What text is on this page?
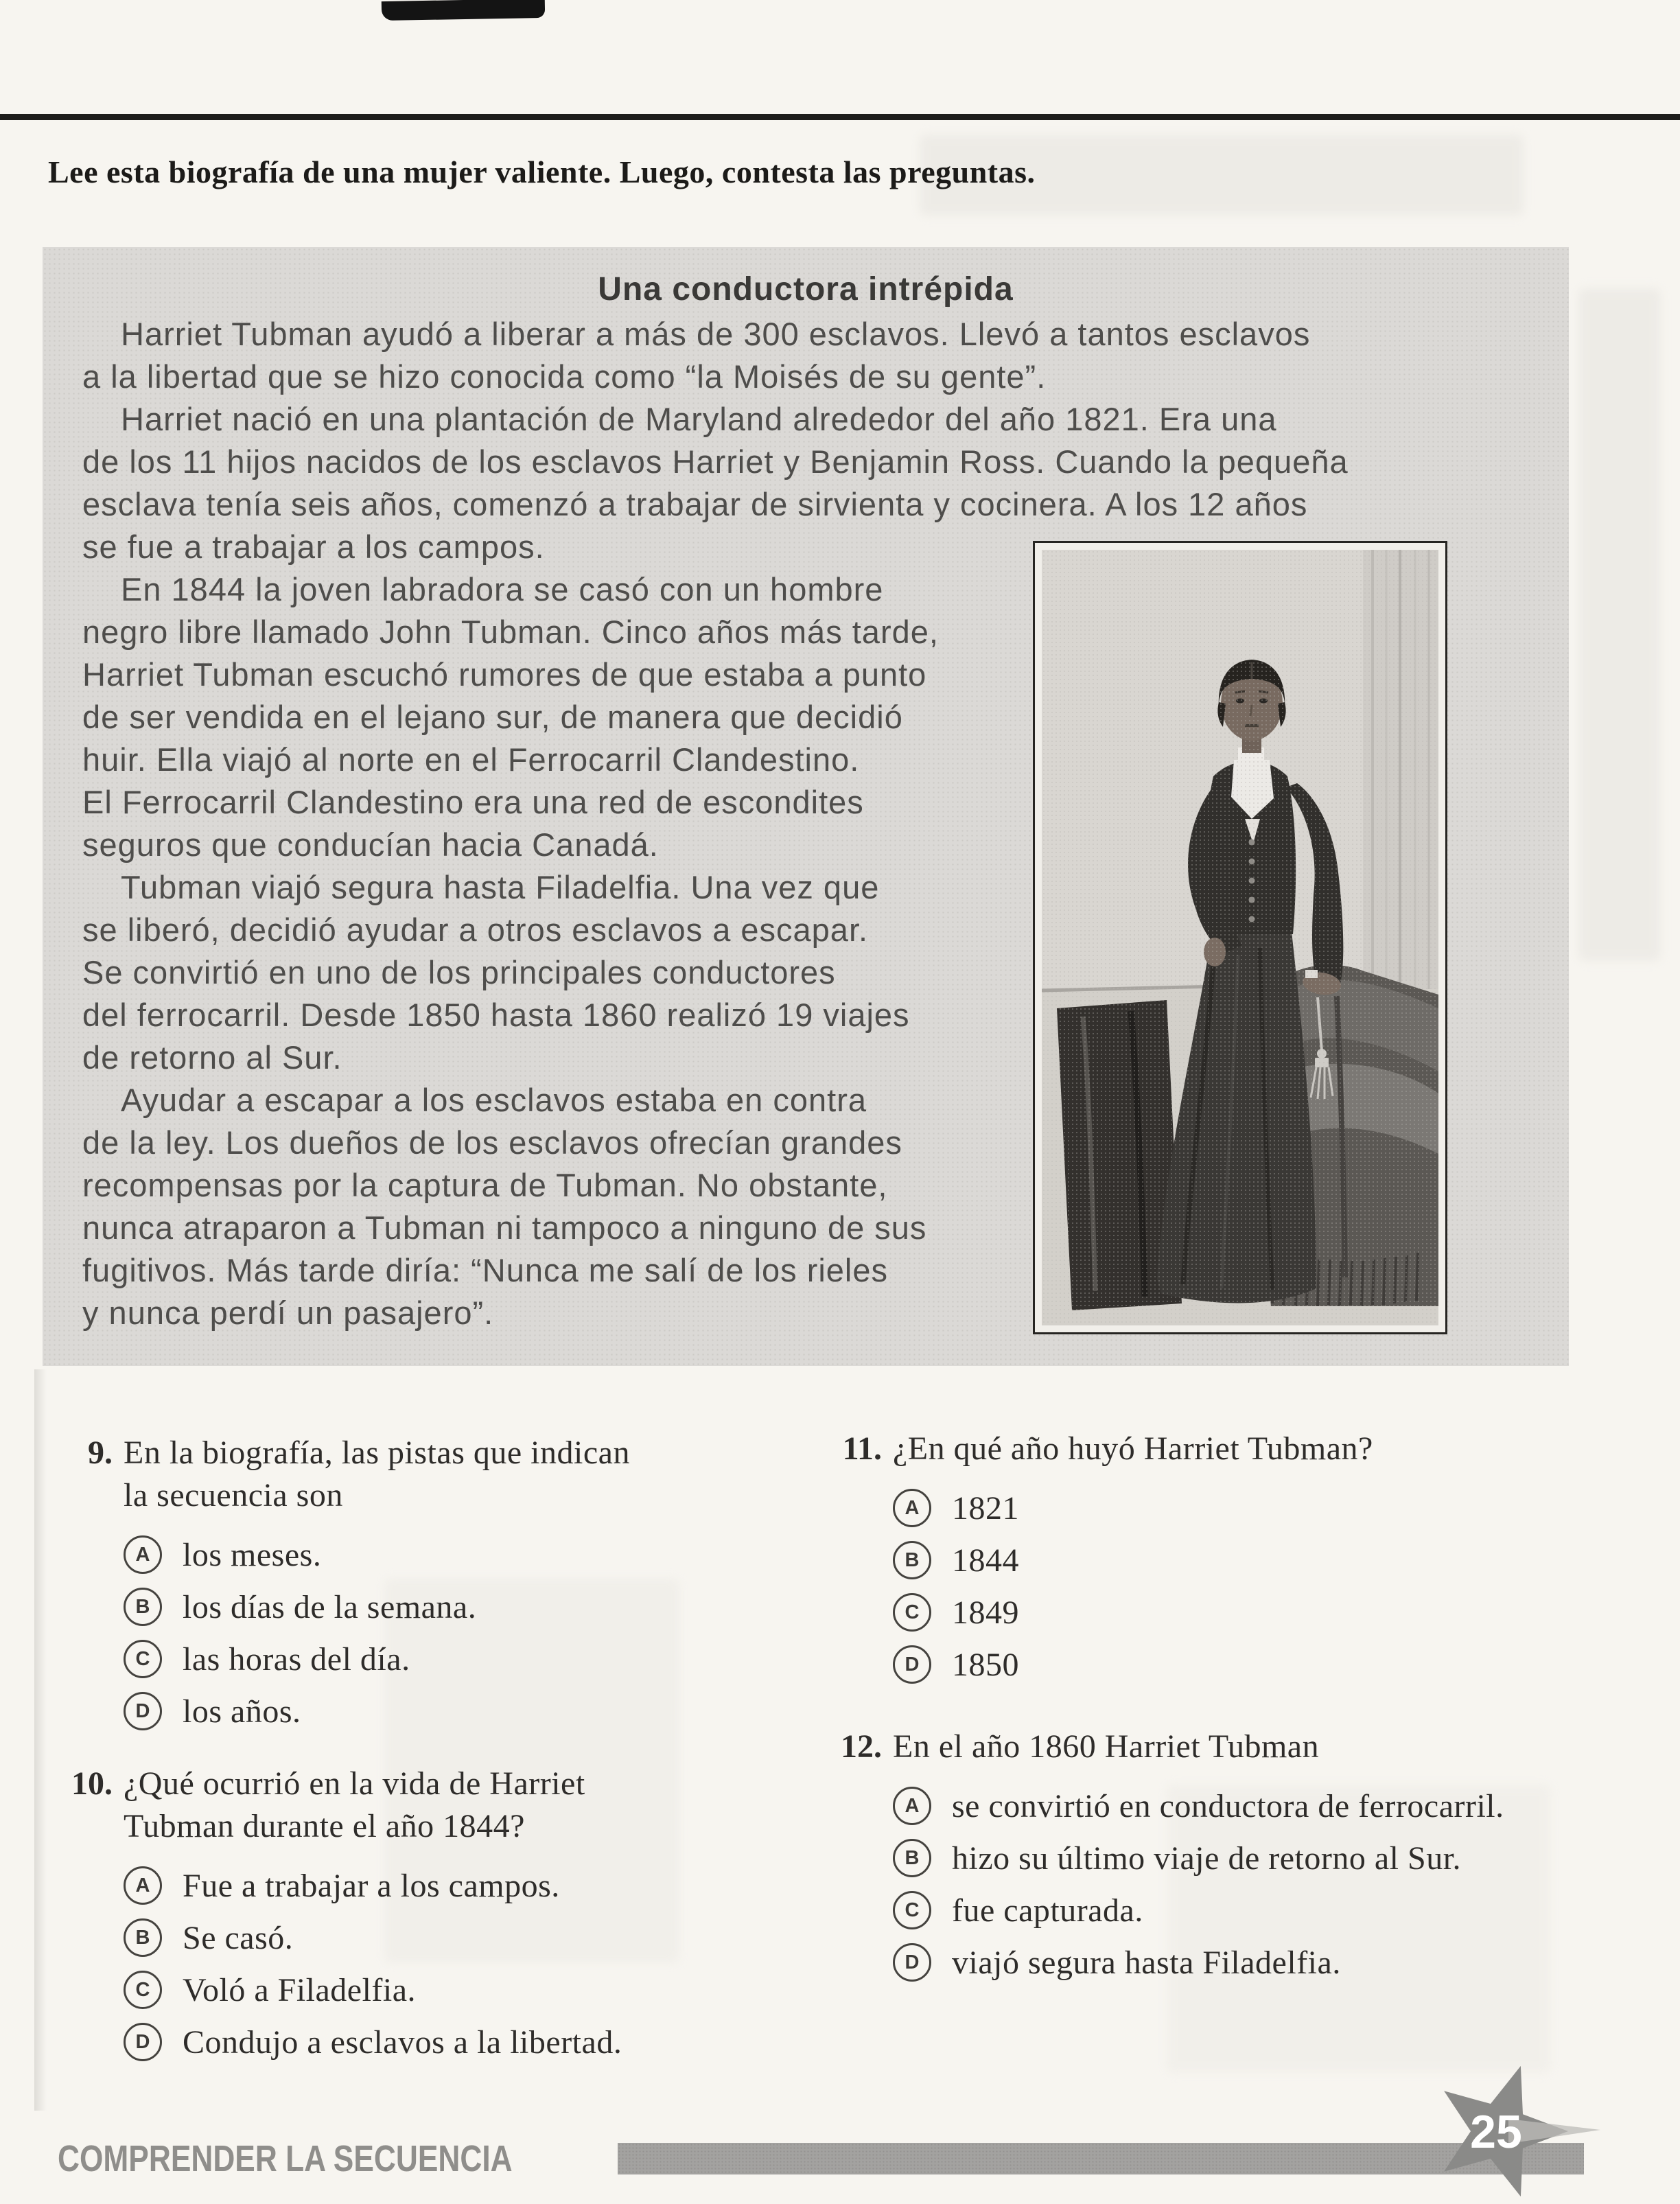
Lee esta biografía de una mujer valiente. Luego, contesta las preguntas.
Una conductora intrépida
Harriet Tubman ayudó a liberar a más de 300 esclavos. Llevó a tantos esclavos
a la libertad que se hizo conocida como “la Moisés de su gente”.
Harriet nació en una plantación de Maryland alrededor del año 1821. Era una
de los 11 hijos nacidos de los esclavos Harriet y Benjamin Ross. Cuando la pequeña
esclava tenía seis años, comenzó a trabajar de sirvienta y cocinera. A los 12 años
se fue a trabajar a los campos.
En 1844 la joven labradora se casó con un hombre
negro libre llamado John Tubman. Cinco años más tarde,
Harriet Tubman escuchó rumores de que estaba a punto
de ser vendida en el lejano sur, de manera que decidió
huir. Ella viajó al norte en el Ferrocarril Clandestino.
El Ferrocarril Clandestino era una red de escondites
seguros que conducían hacia Canadá.
Tubman viajó segura hasta Filadelfia. Una vez que
se liberó, decidió ayudar a otros esclavos a escapar.
Se convirtió en uno de los principales conductores
del ferrocarril. Desde 1850 hasta 1860 realizó 19 viajes
de retorno al Sur.
Ayudar a escapar a los esclavos estaba en contra
de la ley. Los dueños de los esclavos ofrecían grandes
recompensas por la captura de Tubman. No obstante,
nunca atraparon a Tubman ni tampoco a ninguno de sus
fugitivos. Más tarde diría: “Nunca me salí de los rieles
y nunca perdí un pasajero”.
9. En la biografía, las pistas que indican
la secuencia son
A los meses.
B los días de la semana.
C las horas del día.
D los años.
10. ¿Qué ocurrió en la vida de Harriet
Tubman durante el año 1844?
A Fue a trabajar a los campos.
B Se casó.
C Voló a Filadelfia.
D Condujo a esclavos a la libertad.
11. ¿En qué año huyó Harriet Tubman?
A 1821
B 1844
C 1849
D 1850
12. En el año 1860 Harriet Tubman
A se convirtió en conductora de ferrocarril.
B hizo su último viaje de retorno al Sur.
C fue capturada.
D viajó segura hasta Filadelfia.
COMPRENDER LA SECUENCIA
25
